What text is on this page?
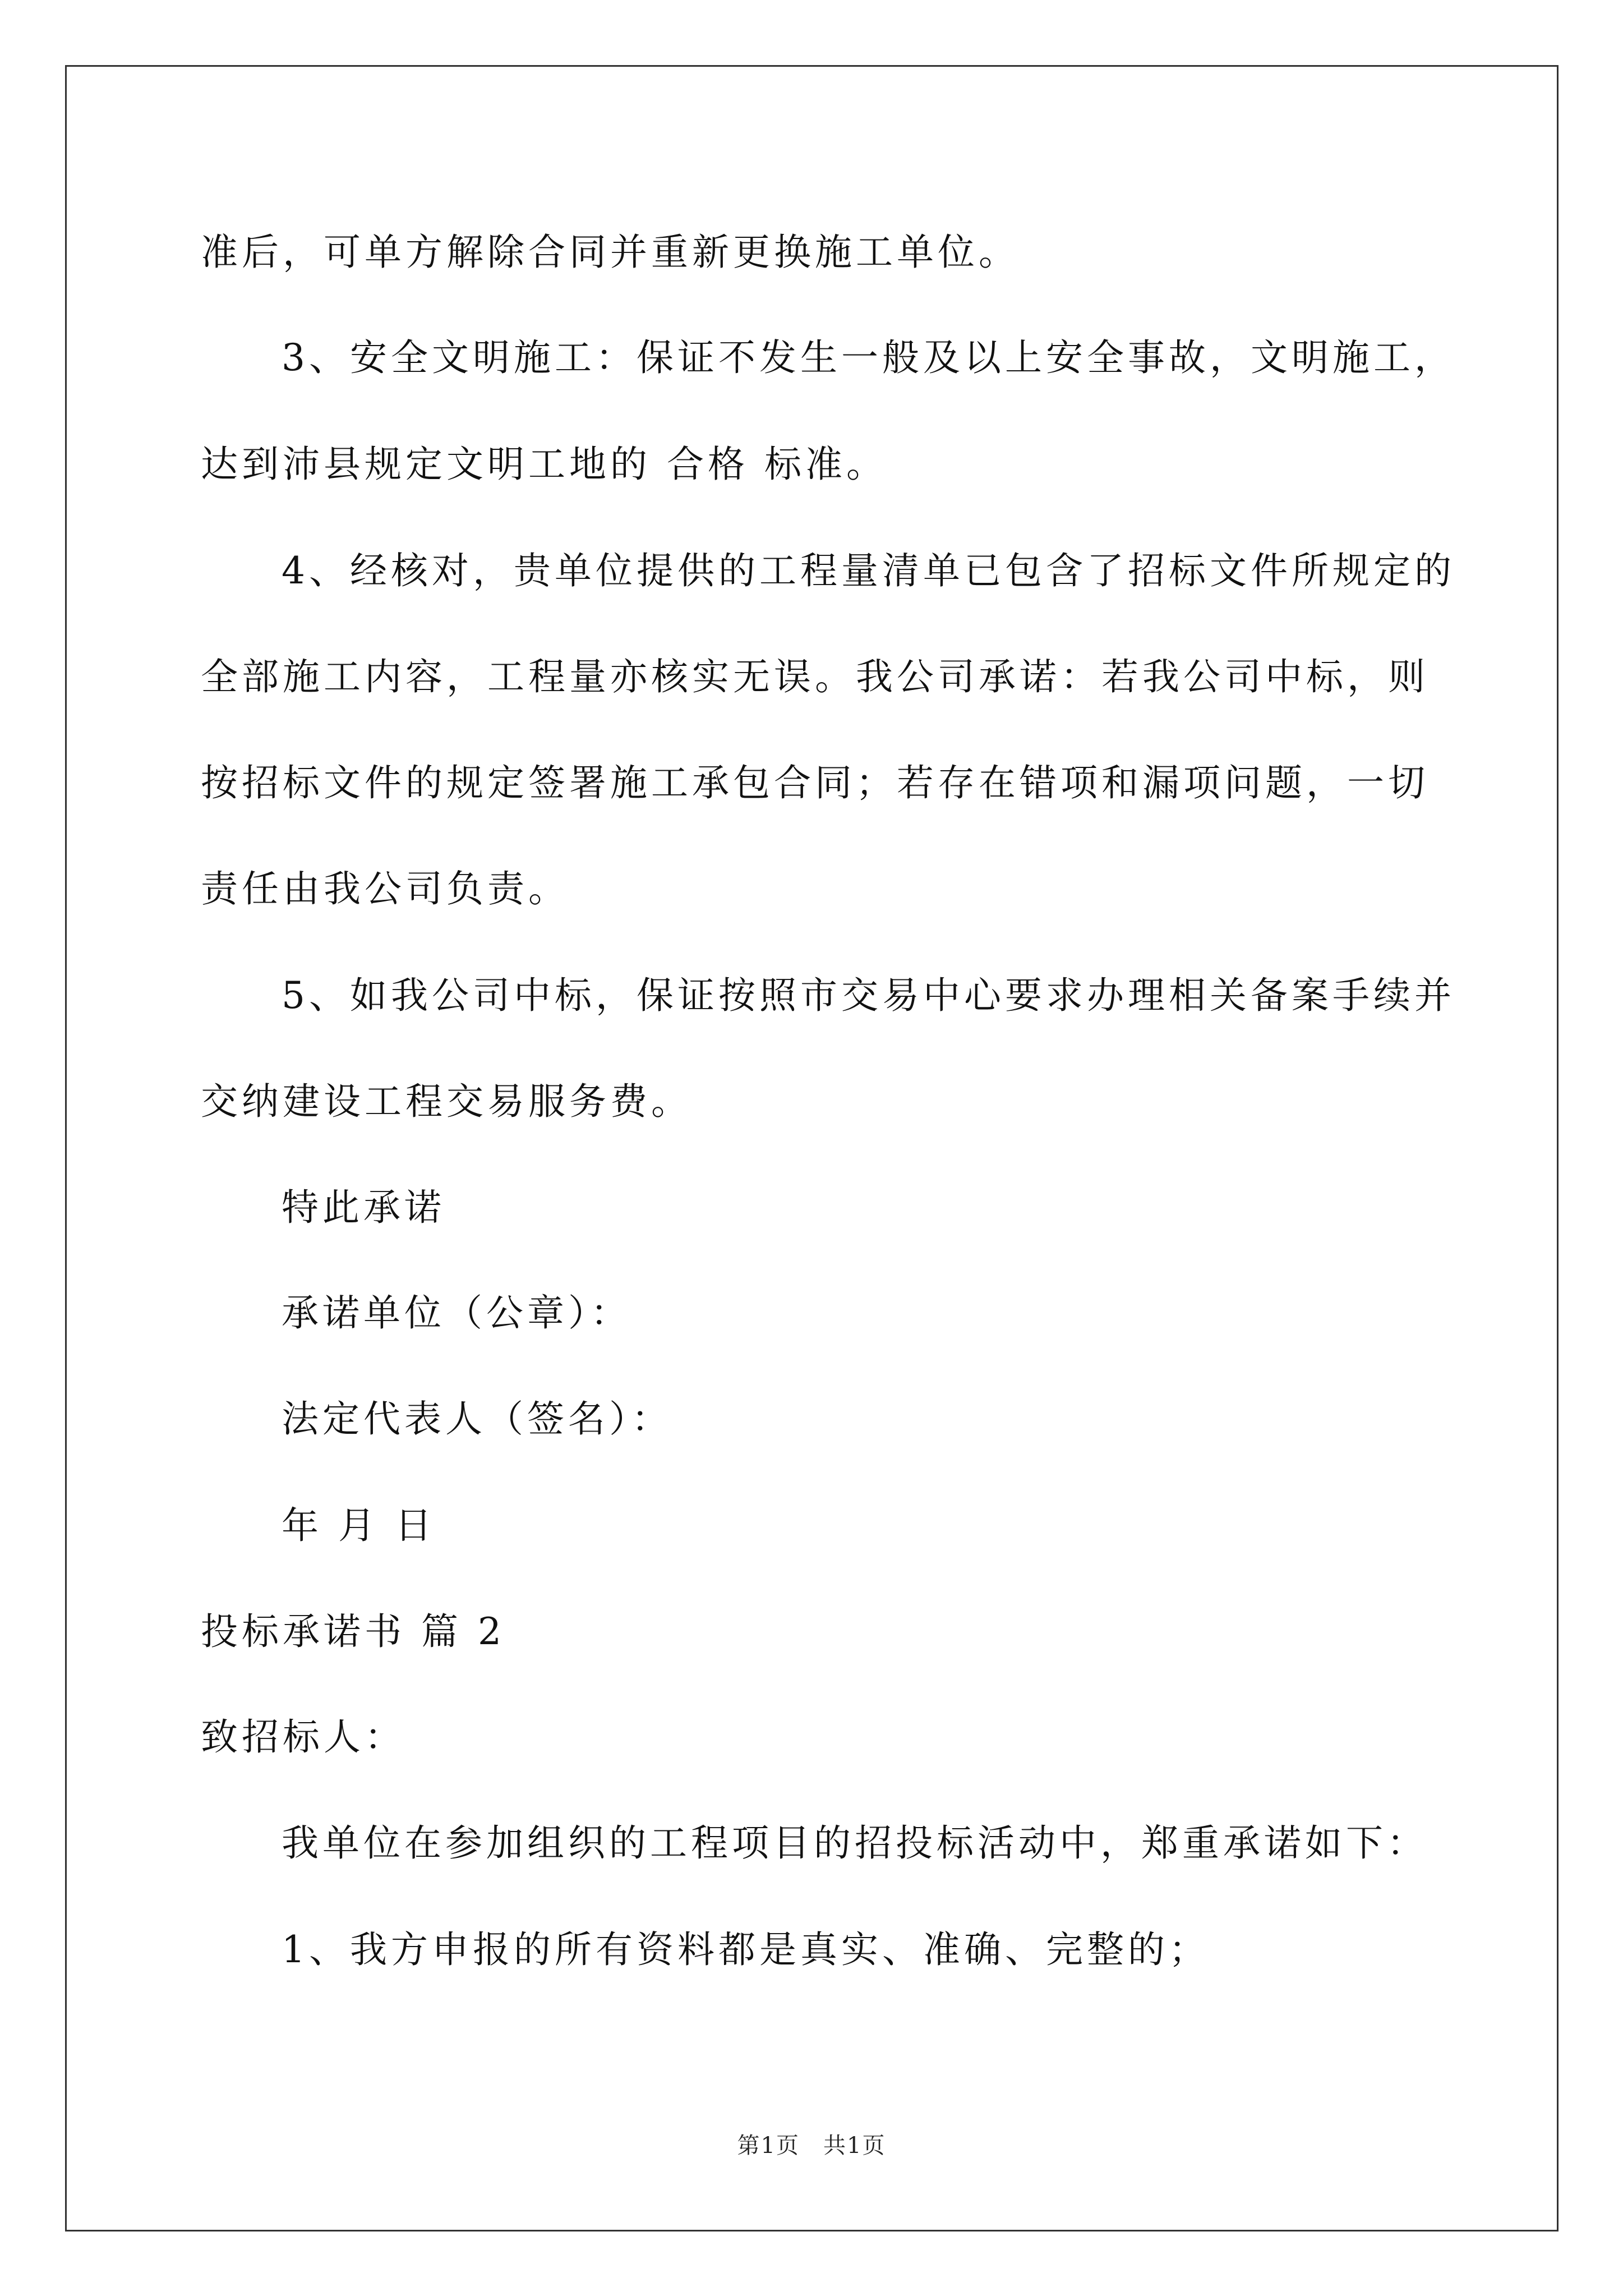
准后，可单方解除合同并重新更换施工单位。
3、安全文明施工：保证不发生一般及以上安全事故，文明施工，
达到沛县规定文明工地的 合格 标准。
4、经核对，贵单位提供的工程量清单已包含了招标文件所规定的
全部施工内容，工程量亦核实无误。我公司承诺：若我公司中标，则
按招标文件的规定签署施工承包合同；若存在错项和漏项问题，一切
责任由我公司负责。
5、如我公司中标，保证按照市交易中心要求办理相关备案手续并
交纳建设工程交易服务费。
特此承诺
承诺单位（公章）：
法定代表人（签名）：
年 月 日
投标承诺书 篇 2
致招标人：
我单位在参加组织的工程项目的招投标活动中，郑重承诺如下：
1、我方申报的所有资料都是真实、准确、完整的；
第1页　共1页
